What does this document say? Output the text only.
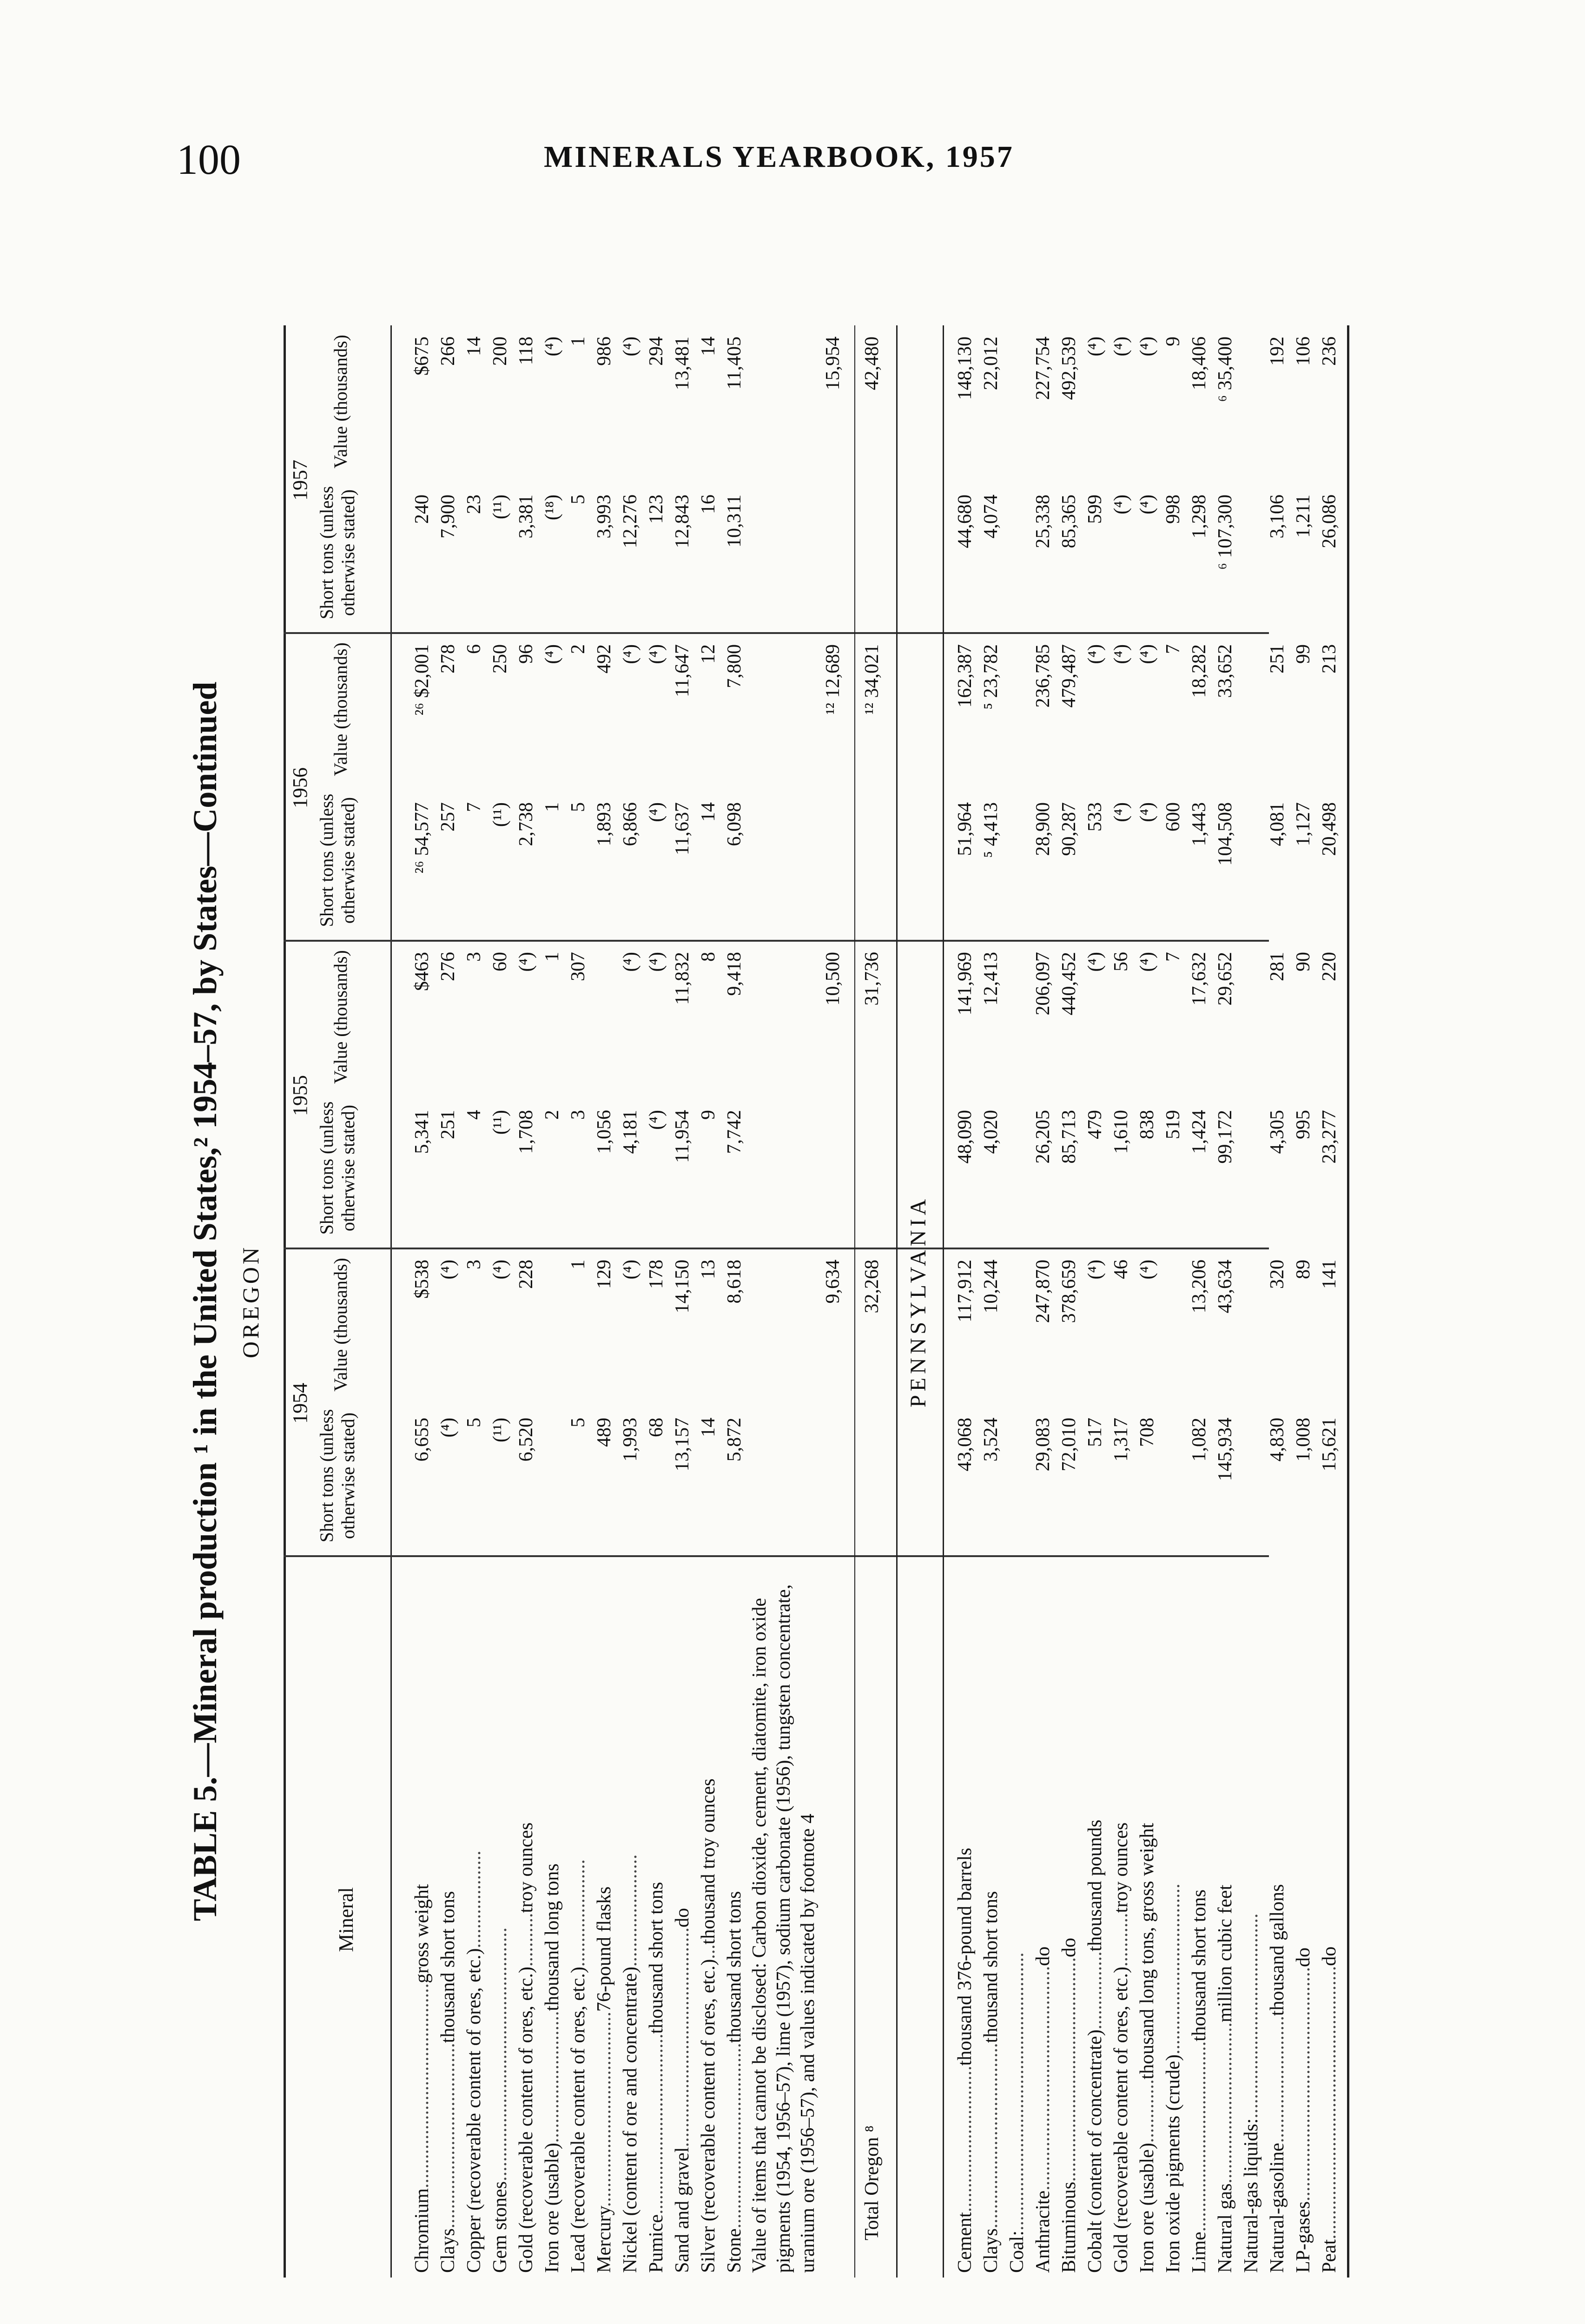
100	MINERALS YEARBOOK, 1957
TABLE 5.—Mineral production ¹ in the United States,² 1954–57, by States—Continued OREGON
Mineral
1954
Short tons (unless otherwise stated)
Value (thousands)
1955
Short tons (unless otherwise stated)
Value (thousands)
1956
Short tons (unless otherwise stated)
Value (thousands)
1957
Short tons (unless otherwise stated)
Value (thousands)
Chromium..........................................gross weight
6,655
$538
5,341
$463
²⁶ 54,577
²⁶ $2,001
240
$675
Clays......................................thousand short tons
(⁴)
(⁴)
251
276
257
278
7,900
266
Copper (recoverable content of ores, etc.)....................
5
3
4
3
7
6
23
14
Gem stones....................................................
(¹¹)
(⁴)
(¹¹)
60
(¹¹)
250
(¹¹)
200
Gold (recoverable content of ores, etc.)...........troy ounces
6,520
228
1,708
(⁴)
2,738
96
3,381
118
Iron ore (usable)...........................thousand long tons
2
1
1
(⁴)
(¹⁸)
(⁴)
Lead (recoverable content of ores, etc.)......................
5
1
3
307
5
2
5
1
Mercury........................................76-pound flasks
489
129
1,056
1,893
492
3,993
986
Nickel (content of ore and concentrate).......................
1,993
(⁴)
4,181
(⁴)
6,866
(⁴)
12,276
(⁴)
Pumice.....................................thousand short tons
68
178
(⁴)
(⁴)
(⁴)
(⁴)
123
294
Sand and gravel.............................................do
13,157
14,150
11,954
11,832
11,637
11,647
12,843
13,481
Silver (recoverable content of ores, etc.)...thousand troy ounces
14
13
9
8
14
12
16
14
Stone......................................thousand short tons
5,872
8,618
7,742
9,418
6,098
7,800
10,311
11,405
Value of items that cannot be disclosed: Carbon dioxide, cement, diatomite, iron oxide pigments (1954, 1956–57), lime (1957), sodium carbonate (1956), tungsten concentrate, uranium ore (1956–57), and values indicated by footnote 4
9,634
10,500
¹² 12,689
15,954
Total Oregon ⁸
32,268
31,736
¹² 34,021
42,480
PENNSYLVANIA
Cement..............................thousand 376-pound barrels
43,068
117,912
48,090
141,969
51,964
162,387
44,680
148,130
Clays......................................thousand short tons
3,524
10,244
4,020
12,413
⁵ 4,413
⁵ 23,782
4,074
22,012
Coal:.........................................................
Anthracite..............................................do
29,083
247,870
26,205
206,097
28,900
236,785
25,338
227,754
Bituminous..............................................do
72,010
378,659
85,713
440,452
90,287
479,487
85,365
492,539
Cobalt (content of concentrate)................thousand pounds
517
(⁴)
479
(⁴)
533
(⁴)
599
(⁴)
Gold (recoverable content of ores, etc.)...........troy ounces
1,317
46
1,610
56
(⁴)
(⁴)
(⁴)
(⁴)
Iron ore (usable).............thousand long tons, gross weight
708
(⁴)
838
(⁴)
(⁴)
(⁴)
(⁴)
(⁴)
Iron oxide pigments (crude)...................................
519
7
600
7
998
9
Lime.......................................thousand short tons
1,082
13,206
1,424
17,632
1,443
18,282
1,298
18,406
Natural gas.................................million cubic feet
145,934
43,634
99,172
29,652
104,508
33,652
⁶ 107,300
⁶ 35,400
Natural-gas liquids:..........................................
Natural-gasoline..........................thousand gallons
4,830
320
4,305
281
4,081
251
3,106
192
LP-gases................................................do
1,008
89
995
90
1,127
99
1,211
106
Peat........................................................do
15,621
141
23,277
220
20,498
213
26,086
236
